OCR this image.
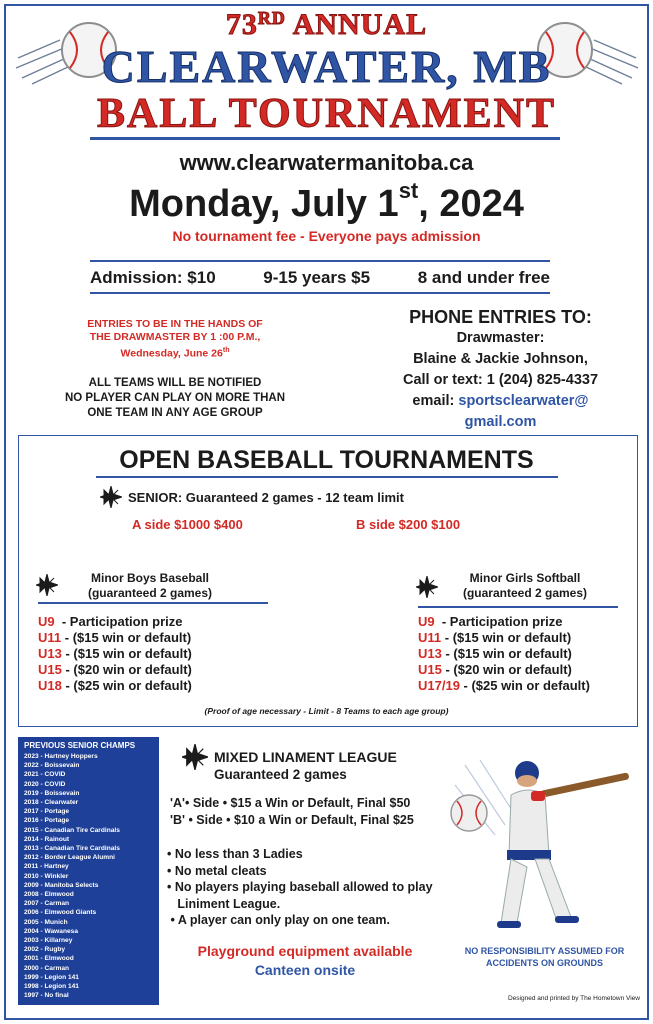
73RD ANNUAL
CLEARWATER, MB
BALL TOURNAMENT
www.clearwatermanitoba.ca
Monday, July 1st, 2024
No tournament fee - Everyone pays admission
Admission: $10	9-15 years $5	8 and under free
ENTRIES TO BE IN THE HANDS OF
THE DRAWMASTER BY 1 :00 P.M.,
Wednesday, June 26th
ALL TEAMS WILL BE NOTIFIED
NO PLAYER CAN PLAY ON MORE THAN
ONE TEAM IN ANY AGE GROUP
PHONE ENTRIES TO:
Drawmaster:
Blaine & Jackie Johnson,
Call or text: 1 (204) 825-4337
email: sportsclearwater@
gmail.com
OPEN BASEBALL TOURNAMENTS
SENIOR: Guaranteed 2 games - 12 team limit
A side $1000 $400	B side $200 $100
Minor Boys Baseball
(guaranteed 2 games)
U9  - Participation prize
U11 - ($15 win or default)
U13 - ($15 win or default)
U15 - ($20 win or default)
U18 - ($25 win or default)
Minor Girls Softball
(guaranteed 2 games)
U9  - Participation prize
U11 - ($15 win or default)
U13 - ($15 win or default)
U15 - ($20 win or default)
U17/19 - ($25 win or default)
(Proof of age necessary - Limit - 8 Teams to each age group)
PREVIOUS SENIOR CHAMPS
2023 - Hartney Hoppers
2022 - Boissevain
2021 - COVID
2020 - COVID
2019 - Boissevain
2018 - Clearwater
2017 - Portage
2016 - Portage
2015 - Canadian Tire Cardinals
2014 - Rainout
2013 - Canadian Tire Cardinals
2012 - Border League Alumni
2011 - Hartney
2010 - Winkler
2009 - Manitoba Selects
2008 - Elmwood
2007 - Carman
2006 - Elmwood Giants
2005 - Munich
2004 - Wawanesa
2003 - Killarney
2002 - Rugby
2001 - Elmwood
2000 - Carman
1999 - Legion 141
1998 - Legion 141
1997 - No final
MIXED LINAMENT LEAGUE
Guaranteed 2 games
'A'• Side • $15 a Win or Default, Final $50
'B' • Side • $10 a Win or Default, Final $25
• No less than 3 Ladies
• No metal cleats
• No players playing baseball allowed to play
Liniment League.
• A player can only play on one team.
Playground equipment available
Canteen onsite
NO RESPONSIBILITY ASSUMED FOR
ACCIDENTS ON GROUNDS
Designed and printed by The Hometown View
